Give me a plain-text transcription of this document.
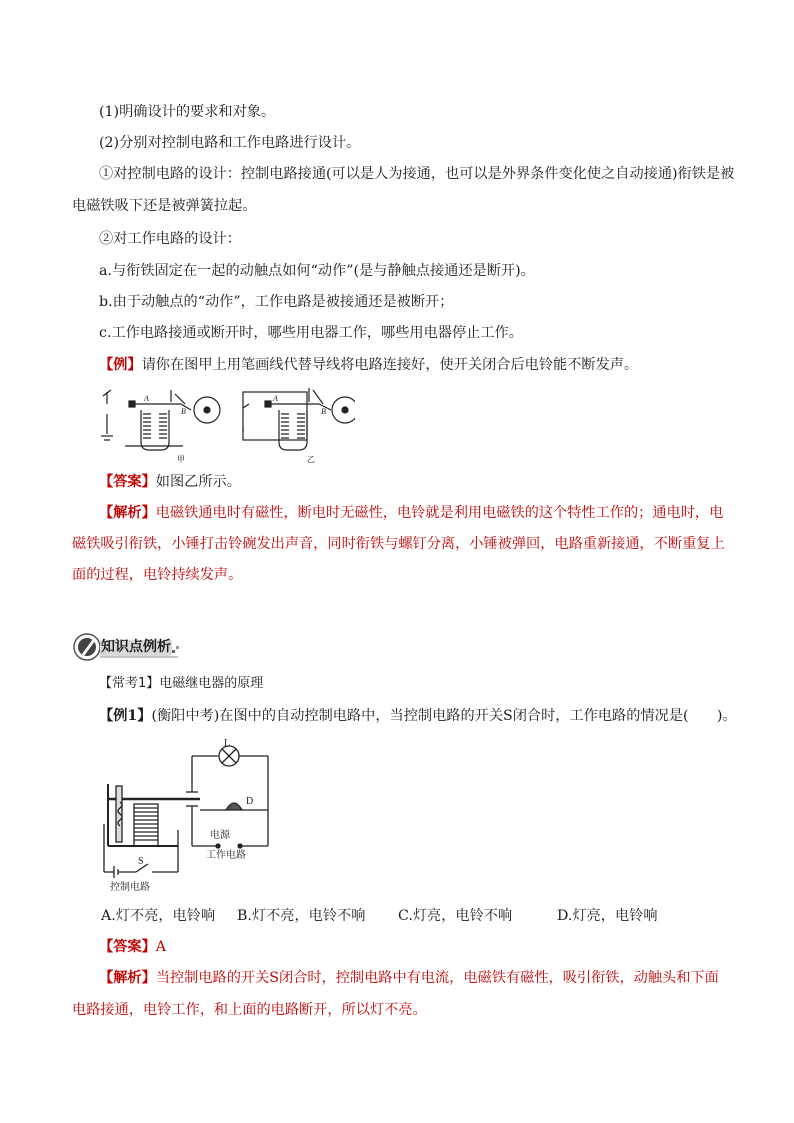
(1)明确设计的要求和对象。
(2)分别对控制电路和工作电路进行设计。
①对控制电路的设计：控制电路接通(可以是人为接通，也可以是外界条件变化使之自动接通)衔铁是被
电磁铁吸下还是被弹簧拉起。
②对工作电路的设计：
a.与衔铁固定在一起的动触点如何“动作”(是与静触点接通还是断开)。
b.由于动触点的“动作”，工作电路是被接通还是被断开；
c.工作电路接通或断开时，哪些用电器工作，哪些用电器停止工作。
【例】请你在图甲上用笔画线代替导线将电路连接好，使开关闭合后电铃能不断发声。
A
B
A
B
甲	乙
【答案】如图乙所示。
【解析】电磁铁通电时有磁性，断电时无磁性，电铃就是利用电磁铁的这个特性工作的；通电时，电
磁铁吸引衔铁，小锤打击铃碗发出声音，同时衔铁与螺钉分离，小锤被弹回，电路重新接通，不断重复上
面的过程，电铃持续发声。
知识点例析
【常考1】电磁继电器的原理
【例1】(衡阳中考)在图中的自动控制电路中，当控制电路的开关S闭合时，工作电路的情况是(　　)。
L
D
S
电源
控制电路
工作电路
A.灯不亮，电铃响 B.灯不亮，电铃不响 C.灯亮，电铃不响	D.灯亮，电铃响
【答案】A
【解析】当控制电路的开关S闭合时，控制电路中有电流，电磁铁有磁性，吸引衔铁，动触头和下面
电路接通，电铃工作，和上面的电路断开，所以灯不亮。
